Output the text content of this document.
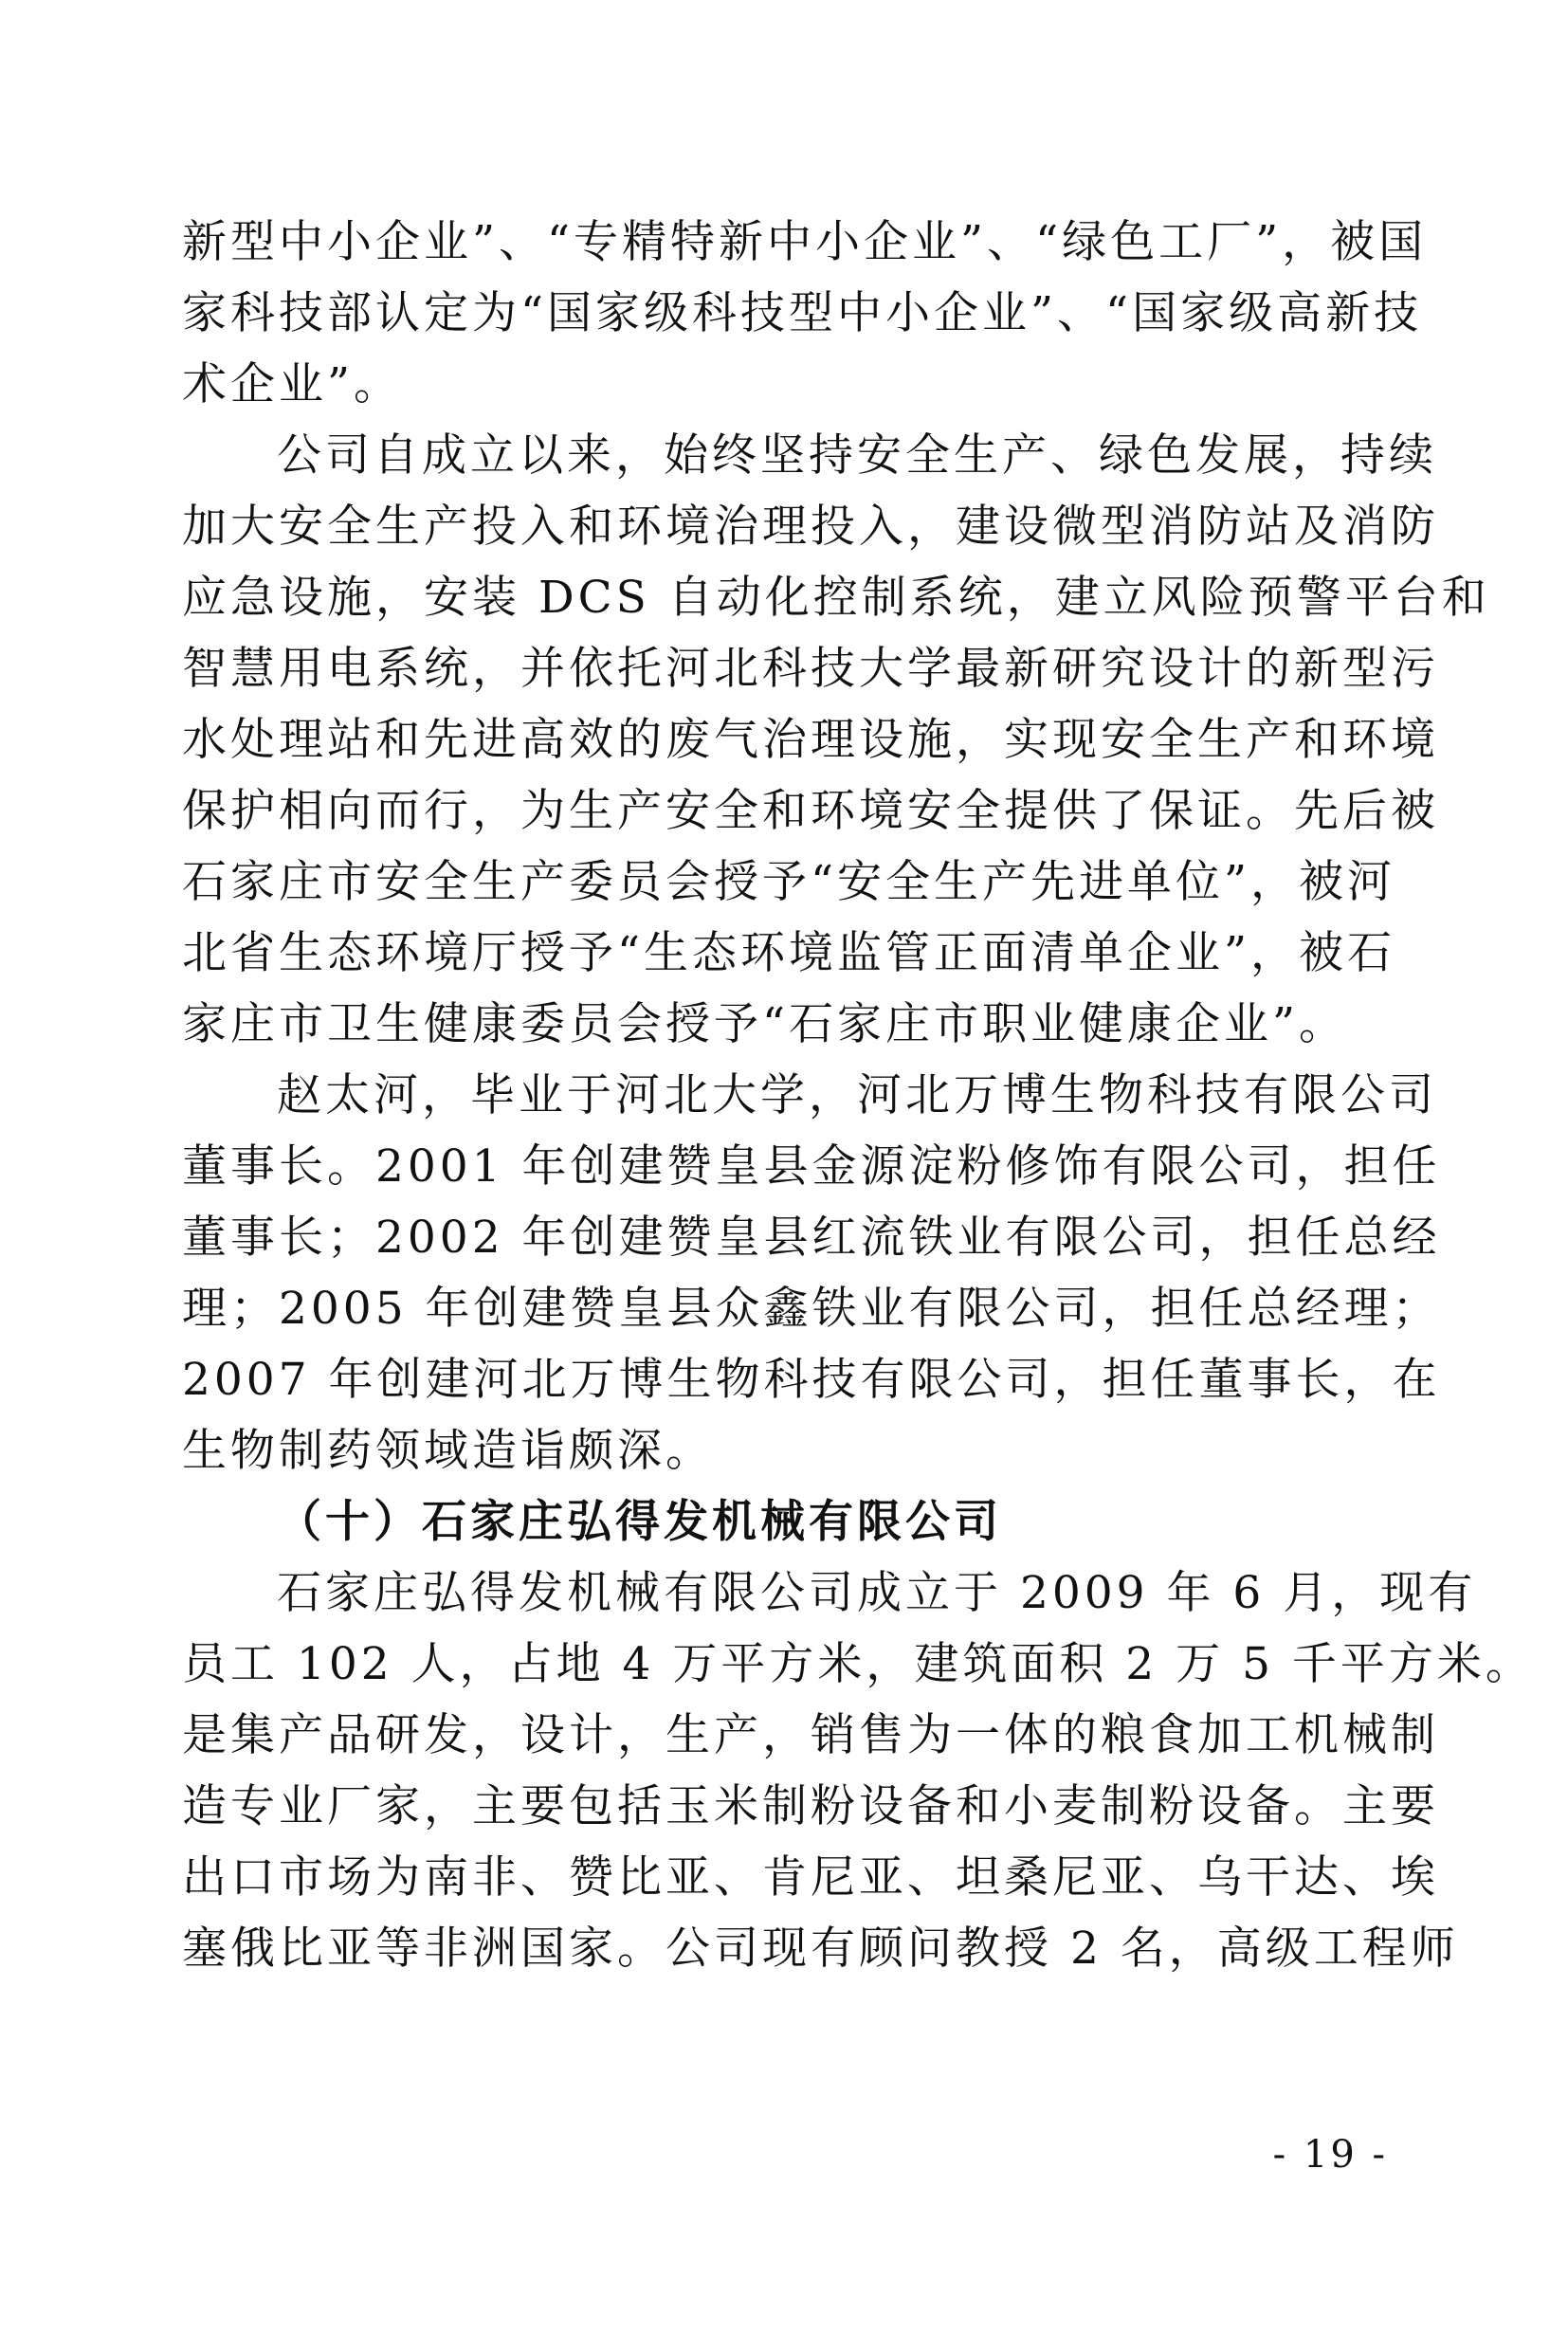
新型中小企业”、“专精特新中小企业”、“绿色工厂”，被国
家科技部认定为“国家级科技型中小企业”、“国家级高新技
术企业”。
公司自成立以来，始终坚持安全生产、绿色发展，持续
加大安全生产投入和环境治理投入，建设微型消防站及消防
应急设施，安装 DCS 自动化控制系统，建立风险预警平台和
智慧用电系统，并依托河北科技大学最新研究设计的新型污
水处理站和先进高效的废气治理设施，实现安全生产和环境
保护相向而行，为生产安全和环境安全提供了保证。先后被
石家庄市安全生产委员会授予“安全生产先进单位”，被河
北省生态环境厅授予“生态环境监管正面清单企业”，被石
家庄市卫生健康委员会授予“石家庄市职业健康企业”。
赵太河，毕业于河北大学，河北万博生物科技有限公司
董事长。2001 年创建赞皇县金源淀粉修饰有限公司，担任
董事长；2002 年创建赞皇县红流铁业有限公司，担任总经
理；2005 年创建赞皇县众鑫铁业有限公司，担任总经理；
2007 年创建河北万博生物科技有限公司，担任董事长，在
生物制药领域造诣颇深。
（十）石家庄弘得发机械有限公司
石家庄弘得发机械有限公司成立于 2009 年 6 月，现有
员工 102 人，占地 4 万平方米，建筑面积 2 万 5 千平方米。
是集产品研发，设计，生产，销售为一体的粮食加工机械制
造专业厂家，主要包括玉米制粉设备和小麦制粉设备。主要
出口市场为南非、赞比亚、肯尼亚、坦桑尼亚、乌干达、埃
塞俄比亚等非洲国家。公司现有顾问教授 2 名，高级工程师
- 19 -
